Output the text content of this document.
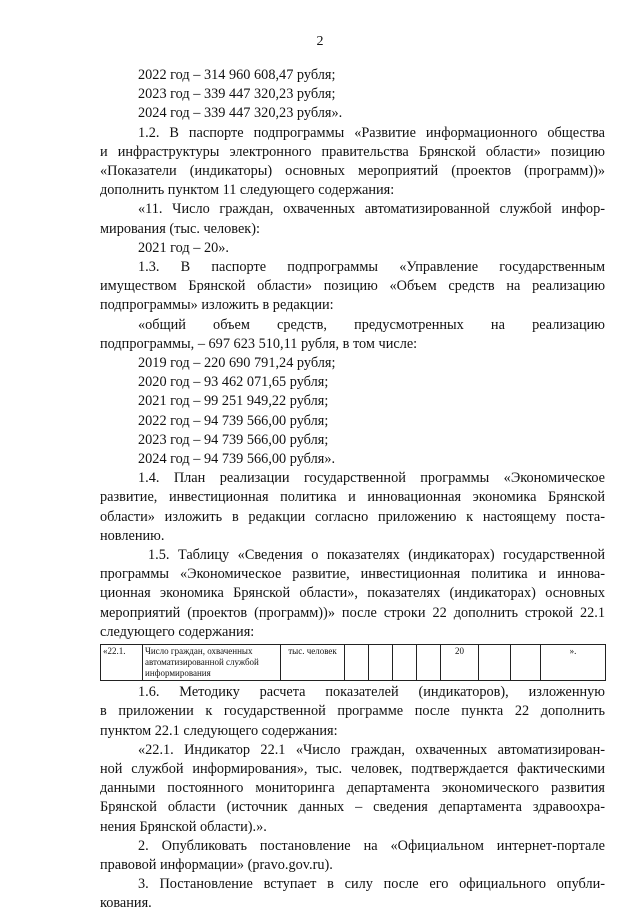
2
2022 год – 314 960 608,47 рубля;
2023 год – 339 447 320,23 рубля;
2024 год – 339 447 320,23 рубля».
1.2. В паспорте подпрограммы «Развитие информационного общества
и инфраструктуры электронного правительства Брянской области» позицию
«Показатели (индикаторы) основных мероприятий (проектов (программ))»
дополнить пунктом 11 следующего содержания:
«11. Число граждан, охваченных автоматизированной службой инфор-
мирования (тыс. человек):
2021 год – 20».
1.3. В паспорте подпрограммы «Управление государственным
имуществом Брянской области» позицию «Объем средств на реализацию
подпрограммы» изложить в редакции:
«общий объем средств, предусмотренных на реализацию
подпрограммы, – 697 623 510,11 рубля, в том числе:
2019 год – 220 690 791,24 рубля;
2020 год – 93 462 071,65 рубля;
2021 год – 99 251 949,22 рубля;
2022 год – 94 739 566,00 рубля;
2023 год – 94 739 566,00 рубля;
2024 год – 94 739 566,00 рубля».
1.4. План реализации государственной программы «Экономическое
развитие, инвестиционная политика и инновационная экономика Брянской
области» изложить в редакции согласно приложению к настоящему поста-
новлению.
1.5. Таблицу «Сведения о показателях (индикаторах) государственной
программы «Экономическое развитие, инвестиционная политика и иннова-
ционная экономика Брянской области», показателях (индикаторах) основных
мероприятий (проектов (программ))» после строки 22 дополнить строкой 22.1
следующего содержания:
«22.1.	Число граждан, охваченных автоматизированной службой информирования	тыс. человек					20			».
1.6. Методику расчета показателей (индикаторов), изложенную
в приложении к государственной программе после пункта 22 дополнить
пунктом 22.1 следующего содержания:
«22.1. Индикатор 22.1 «Число граждан, охваченных автоматизирован-
ной службой информирования», тыс. человек, подтверждается фактическими
данными постоянного мониторинга департамента экономического развития
Брянской области (источник данных – сведения департамента здравоохра-
нения Брянской области).».
2. Опубликовать постановление на «Официальном интернет-портале
правовой информации» (pravo.gov.ru).
3. Постановление вступает в силу после его официального опубли-
кования.
